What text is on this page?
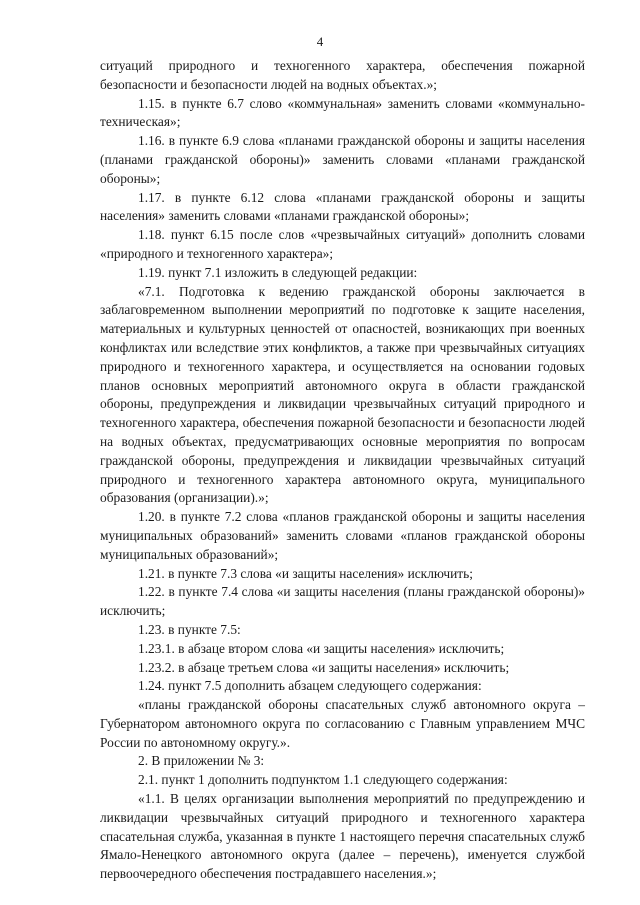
4

ситуаций природного и техногенного характера, обеспечения пожарной безопасности и безопасности людей на водных объектах.»;

1.15. в пункте 6.7 слово «коммунальная» заменить словами «коммунально-техническая»;

1.16. в пункте 6.9 слова «планами гражданской обороны и защиты населения (планами гражданской обороны)» заменить словами «планами гражданской обороны»;

1.17. в пункте 6.12 слова «планами гражданской обороны и защиты населения» заменить словами «планами гражданской обороны»;

1.18. пункт 6.15 после слов «чрезвычайных ситуаций» дополнить словами «природного и техногенного характера»;

1.19. пункт 7.1 изложить в следующей редакции:

«7.1. Подготовка к ведению гражданской обороны заключается в заблаговременном выполнении мероприятий по подготовке к защите населения, материальных и культурных ценностей от опасностей, возникающих при военных конфликтах или вследствие этих конфликтов, а также при чрезвычайных ситуациях природного и техногенного характера, и осуществляется на основании годовых планов основных мероприятий автономного округа в области гражданской обороны, предупреждения и ликвидации чрезвычайных ситуаций природного и техногенного характера, обеспечения пожарной безопасности и безопасности людей на водных объектах, предусматривающих основные мероприятия по вопросам гражданской обороны, предупреждения и ликвидации чрезвычайных ситуаций природного и техногенного характера автономного округа, муниципального образования (организации).»;

1.20. в пункте 7.2 слова «планов гражданской обороны и защиты населения муниципальных образований» заменить словами «планов гражданской обороны муниципальных образований»;

1.21. в пункте 7.3 слова «и защиты населения» исключить;

1.22. в пункте 7.4 слова «и защиты населения (планы гражданской обороны)» исключить;

1.23. в пункте 7.5:

1.23.1. в абзаце втором слова «и защиты населения» исключить;

1.23.2. в абзаце третьем слова «и защиты населения» исключить;

1.24. пункт 7.5 дополнить абзацем следующего содержания:

«планы гражданской обороны спасательных служб автономного округа – Губернатором автономного округа по согласованию с Главным управлением МЧС России по автономному округу.».

2. В приложении № 3:

2.1. пункт 1 дополнить подпунктом 1.1 следующего содержания:

«1.1. В целях организации выполнения мероприятий по предупреждению и ликвидации чрезвычайных ситуаций природного и техногенного характера спасательная служба, указанная в пункте 1 настоящего перечня спасательных служб Ямало-Ненецкого автономного округа (далее – перечень), именуется службой первоочередного обеспечения пострадавшего населения.»;
